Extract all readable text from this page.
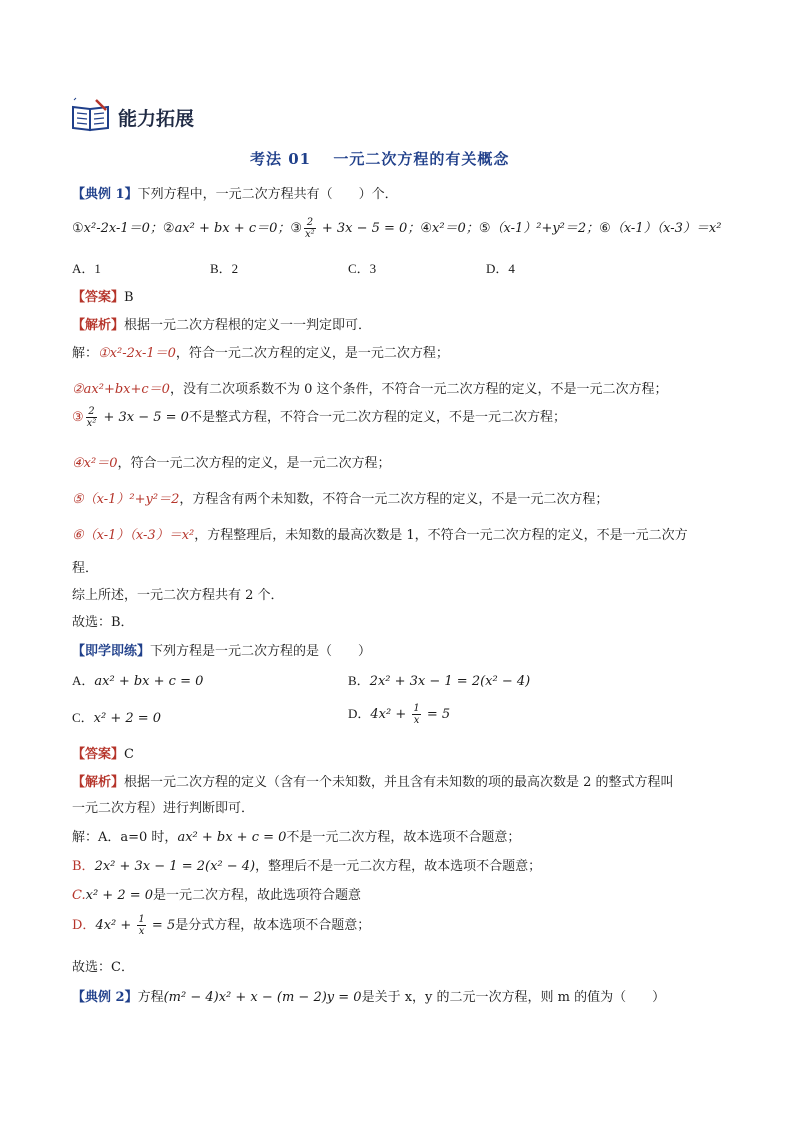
能力拓展
考法 01　 一元二次方程的有关概念
【典例 1】下列方程中，一元二次方程共有（　　）个．
①x²-2x-1＝0；②ax² + bx + c＝0；③ $\frac{2}{\text{x²}} + 3x - 5 = 0$；④x²＝0；⑤（x-1）²+y²＝2；⑥（x-1）（x-3）＝x²
A．1	B．2	C．3	D．4
【答案】B
【解析】根据一元二次方程根的定义一一判定即可．
解：①x²-2x-1＝0，符合一元二次方程的定义，是一元二次方程；
②ax²+bx+c＝0，没有二次项系数不为 0 这个条件，不符合一元二次方程的定义，不是一元二次方程；
③ $\frac{2}{\text{x²}} + 3x - 5 = 0$不是整式方程，不符合一元二次方程的定义，不是一元二次方程；
④x²＝0，符合一元二次方程的定义，是一元二次方程；
⑤（x-1）²+y²＝2，方程含有两个未知数，不符合一元二次方程的定义，不是一元二次方程；
⑥（x-1）（x-3）＝x²，方程整理后，未知数的最高次数是 1，不符合一元二次方程的定义，不是一元二次方
程．
综上所述，一元二次方程共有 2 个．
故选：B．
【即学即练】下列方程是一元二次方程的是（　　）
A．ax² + bx + c = 0	B．2x² + 3x − 1 = 2(x² − 4)
C．x² + 2 = 0	D．$4x^2 + \frac{1}{x} = 5$
【答案】C
【解析】根据一元二次方程的定义（含有一个未知数，并且含有未知数的项的最高次数是 2 的整式方程叫
一元二次方程）进行判断即可．
解：A．a=0 时，ax² + bx + c = 0不是一元二次方程，故本选项不合题意；
B．2x² + 3x − 1 = 2(x² − 4)，整理后不是一元二次方程，故本选项不合题意；
C.x² + 2 = 0是一元二次方程，故此选项符合题意
D．$4x^2 + \frac{1}{x} = 5$是分式方程，故本选项不合题意；
故选：C．
【典例 2】方程(m² − 4)x² + x − (m − 2)y = 0是关于 x，y 的二元一次方程，则 m 的值为（　　）
